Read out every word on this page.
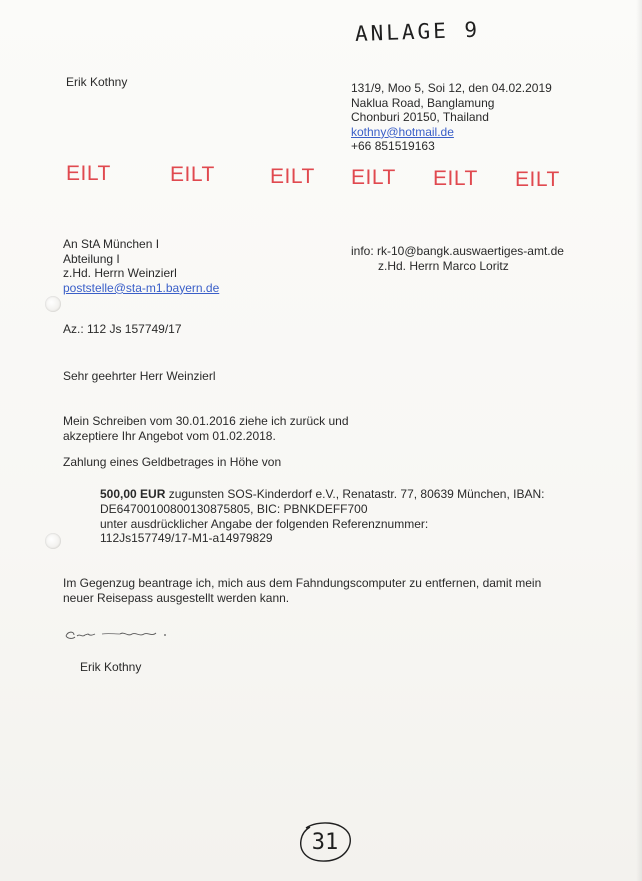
ANLAGE 9
Erik Kothny	131/9, Moo 5, Soi 12, den 04.02.2019
Naklua Road, Banglamung
Chonburi 20150, Thailand
kothny@hotmail.de
+66 851519163
EILT	EILT	EILT EILT EILT EILT
An StA München I
Abteilung I
z.Hd. Herrn Weinzierl
poststelle@sta-m1.bayern.de
info: rk-10@bangk.auswaertiges-amt.de
z.Hd. Herrn Marco Loritz
Az.: 112 Js 157749/17
Sehr geehrter Herr Weinzierl
Mein Schreiben vom 30.01.2016 ziehe ich zurück und
akzeptiere Ihr Angebot vom 01.02.2018.
Zahlung eines Geldbetrages in Höhe von
500,00 EUR zugunsten SOS-Kinderdorf e.V., Renatastr. 77, 80639 München, IBAN:
DE64700100800130875805, BIC: PBNKDEFF700
unter ausdrücklicher Angabe der folgenden Referenznummer:
112Js157749/17-M1-a14979829
Im Gegenzug beantrage ich, mich aus dem Fahndungscomputer zu entfernen, damit mein
neuer Reisepass ausgestellt werden kann.
Erik Kothny
31
